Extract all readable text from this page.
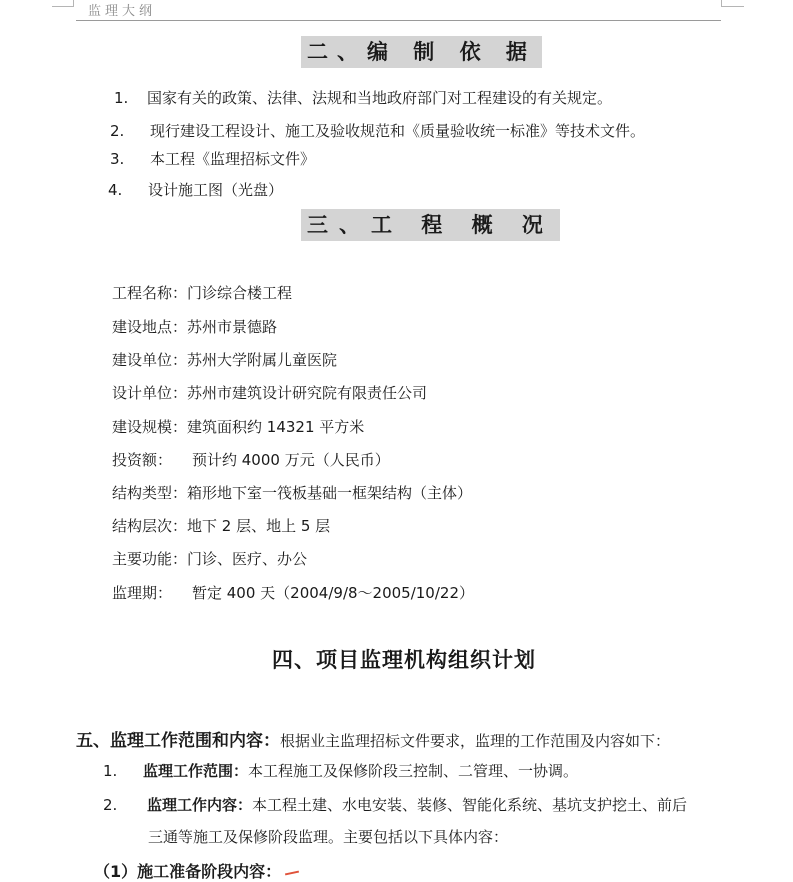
监理大纲
二、编 制 依 据
1. 国家有关的政策、法律、法规和当地政府部门对工程建设的有关规定。
2. 现行建设工程设计、施工及验收规范和《质量验收统一标准》等技术文件。
3. 本工程《监理招标文件》
4. 设计施工图（光盘）
三、工 程 概 况
工程名称：门诊综合楼工程
建设地点：苏州市景德路
建设单位：苏州大学附属儿童医院
设计单位：苏州市建筑设计研究院有限责任公司
建设规模：建筑面积约 14321 平方米
投资额： 预计约 4000 万元（人民币）
结构类型：箱形地下室一筏板基础一框架结构（主体）
结构层次：地下 2 层、地上 5 层
主要功能：门诊、医疗、办公
监理期： 暂定 400 天（2004/9/8～2005/10/22）
四、项目监理机构组织计划
五、监理工作范围和内容：根据业主监理招标文件要求，监理的工作范围及内容如下：
1. 监理工作范围：本工程施工及保修阶段三控制、二管理、一协调。
2. 监理工作内容：本工程土建、水电安装、装修、智能化系统、基坑支护挖土、前后
三通等施工及保修阶段监理。主要包括以下具体内容：
（1）施工准备阶段内容：
